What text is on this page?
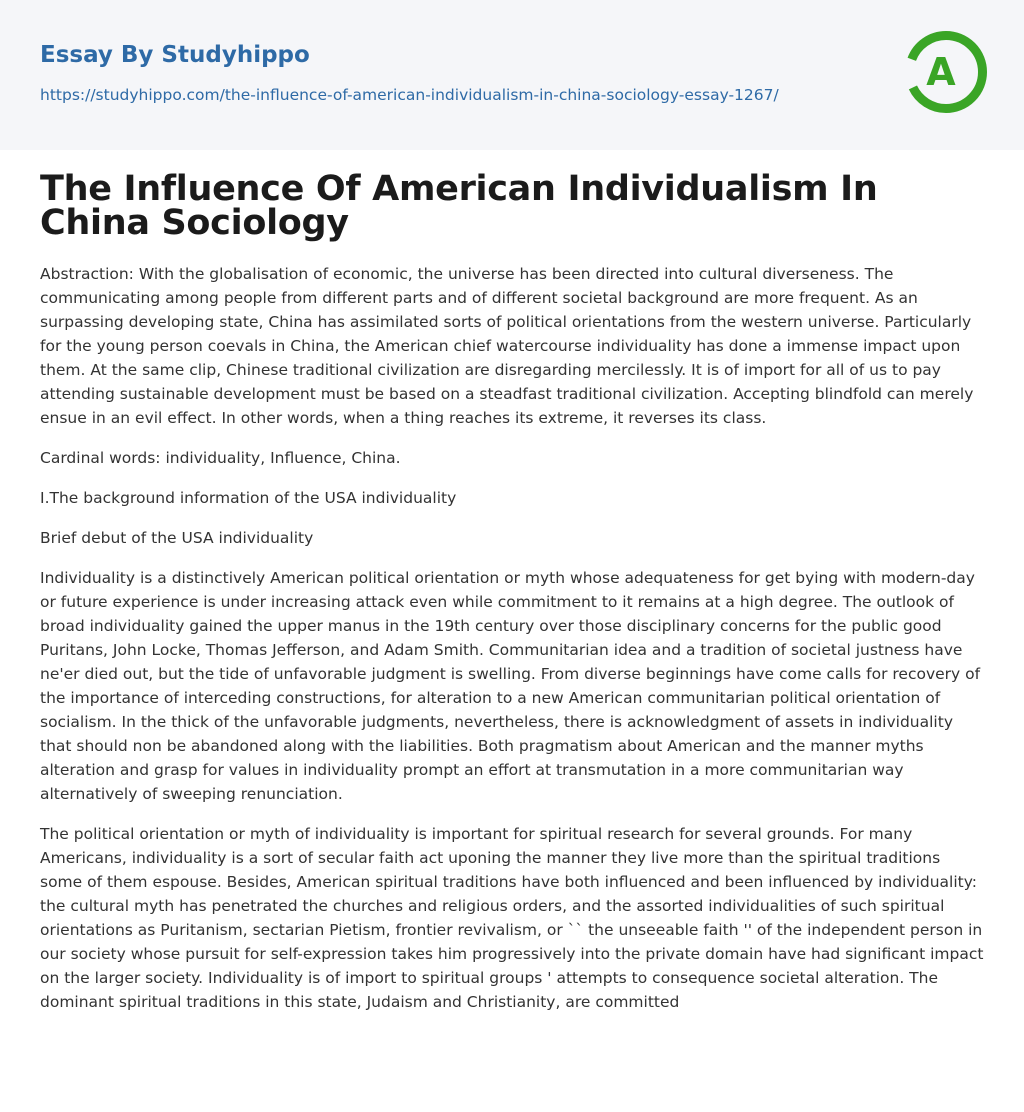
Essay By Studyhippo
https://studyhippo.com/the-influence-of-american-individualism-in-china-sociology-essay-1267/
A
The Influence Of American Individualism In China Sociology

Abstraction: With the globalisation of economic, the universe has been directed into cultural diverseness. The communicating among people from different parts and of different societal background are more frequent. As an surpassing developing state, China has assimilated sorts of political orientations from the western universe. Particularly for the young person coevals in China, the American chief watercourse individuality has done a immense impact upon them. At the same clip, Chinese traditional civilization are disregarding mercilessly. It is of import for all of us to pay attending sustainable development must be based on a steadfast traditional civilization. Accepting blindfold can merely ensue in an evil effect. In other words, when a thing reaches its extreme, it reverses its class.

Cardinal words: individuality, Influence, China.

I.The background information of the USA individuality

Brief debut of the USA individuality

Individuality is a distinctively American political orientation or myth whose adequateness for get bying with modern-day or future experience is under increasing attack even while commitment to it remains at a high degree. The outlook of broad individuality gained the upper manus in the 19th century over those disciplinary concerns for the public good Puritans, John Locke, Thomas Jefferson, and Adam Smith. Communitarian idea and a tradition of societal justness have ne'er died out, but the tide of unfavorable judgment is swelling. From diverse beginnings have come calls for recovery of the importance of interceding constructions, for alteration to a new American communitarian political orientation of socialism. In the thick of the unfavorable judgments, nevertheless, there is acknowledgment of assets in individuality that should non be abandoned along with the liabilities. Both pragmatism about American and the manner myths alteration and grasp for values in individuality prompt an effort at transmutation in a more communitarian way alternatively of sweeping renunciation.

The political orientation or myth of individuality is important for spiritual research for several grounds. For many Americans, individuality is a sort of secular faith act uponing the manner they live more than the spiritual traditions some of them espouse. Besides, American spiritual traditions have both influenced and been influenced by individuality: the cultural myth has penetrated the churches and religious orders, and the assorted individualities of such spiritual orientations as Puritanism, sectarian Pietism, frontier revivalism, or `` the unseeable faith '' of the independent person in our society whose pursuit for self-expression takes him progressively into the private domain have had significant impact on the larger society. Individuality is of import to spiritual groups ' attempts to consequence societal alteration. The dominant spiritual traditions in this state, Judaism and Christianity, are committed
